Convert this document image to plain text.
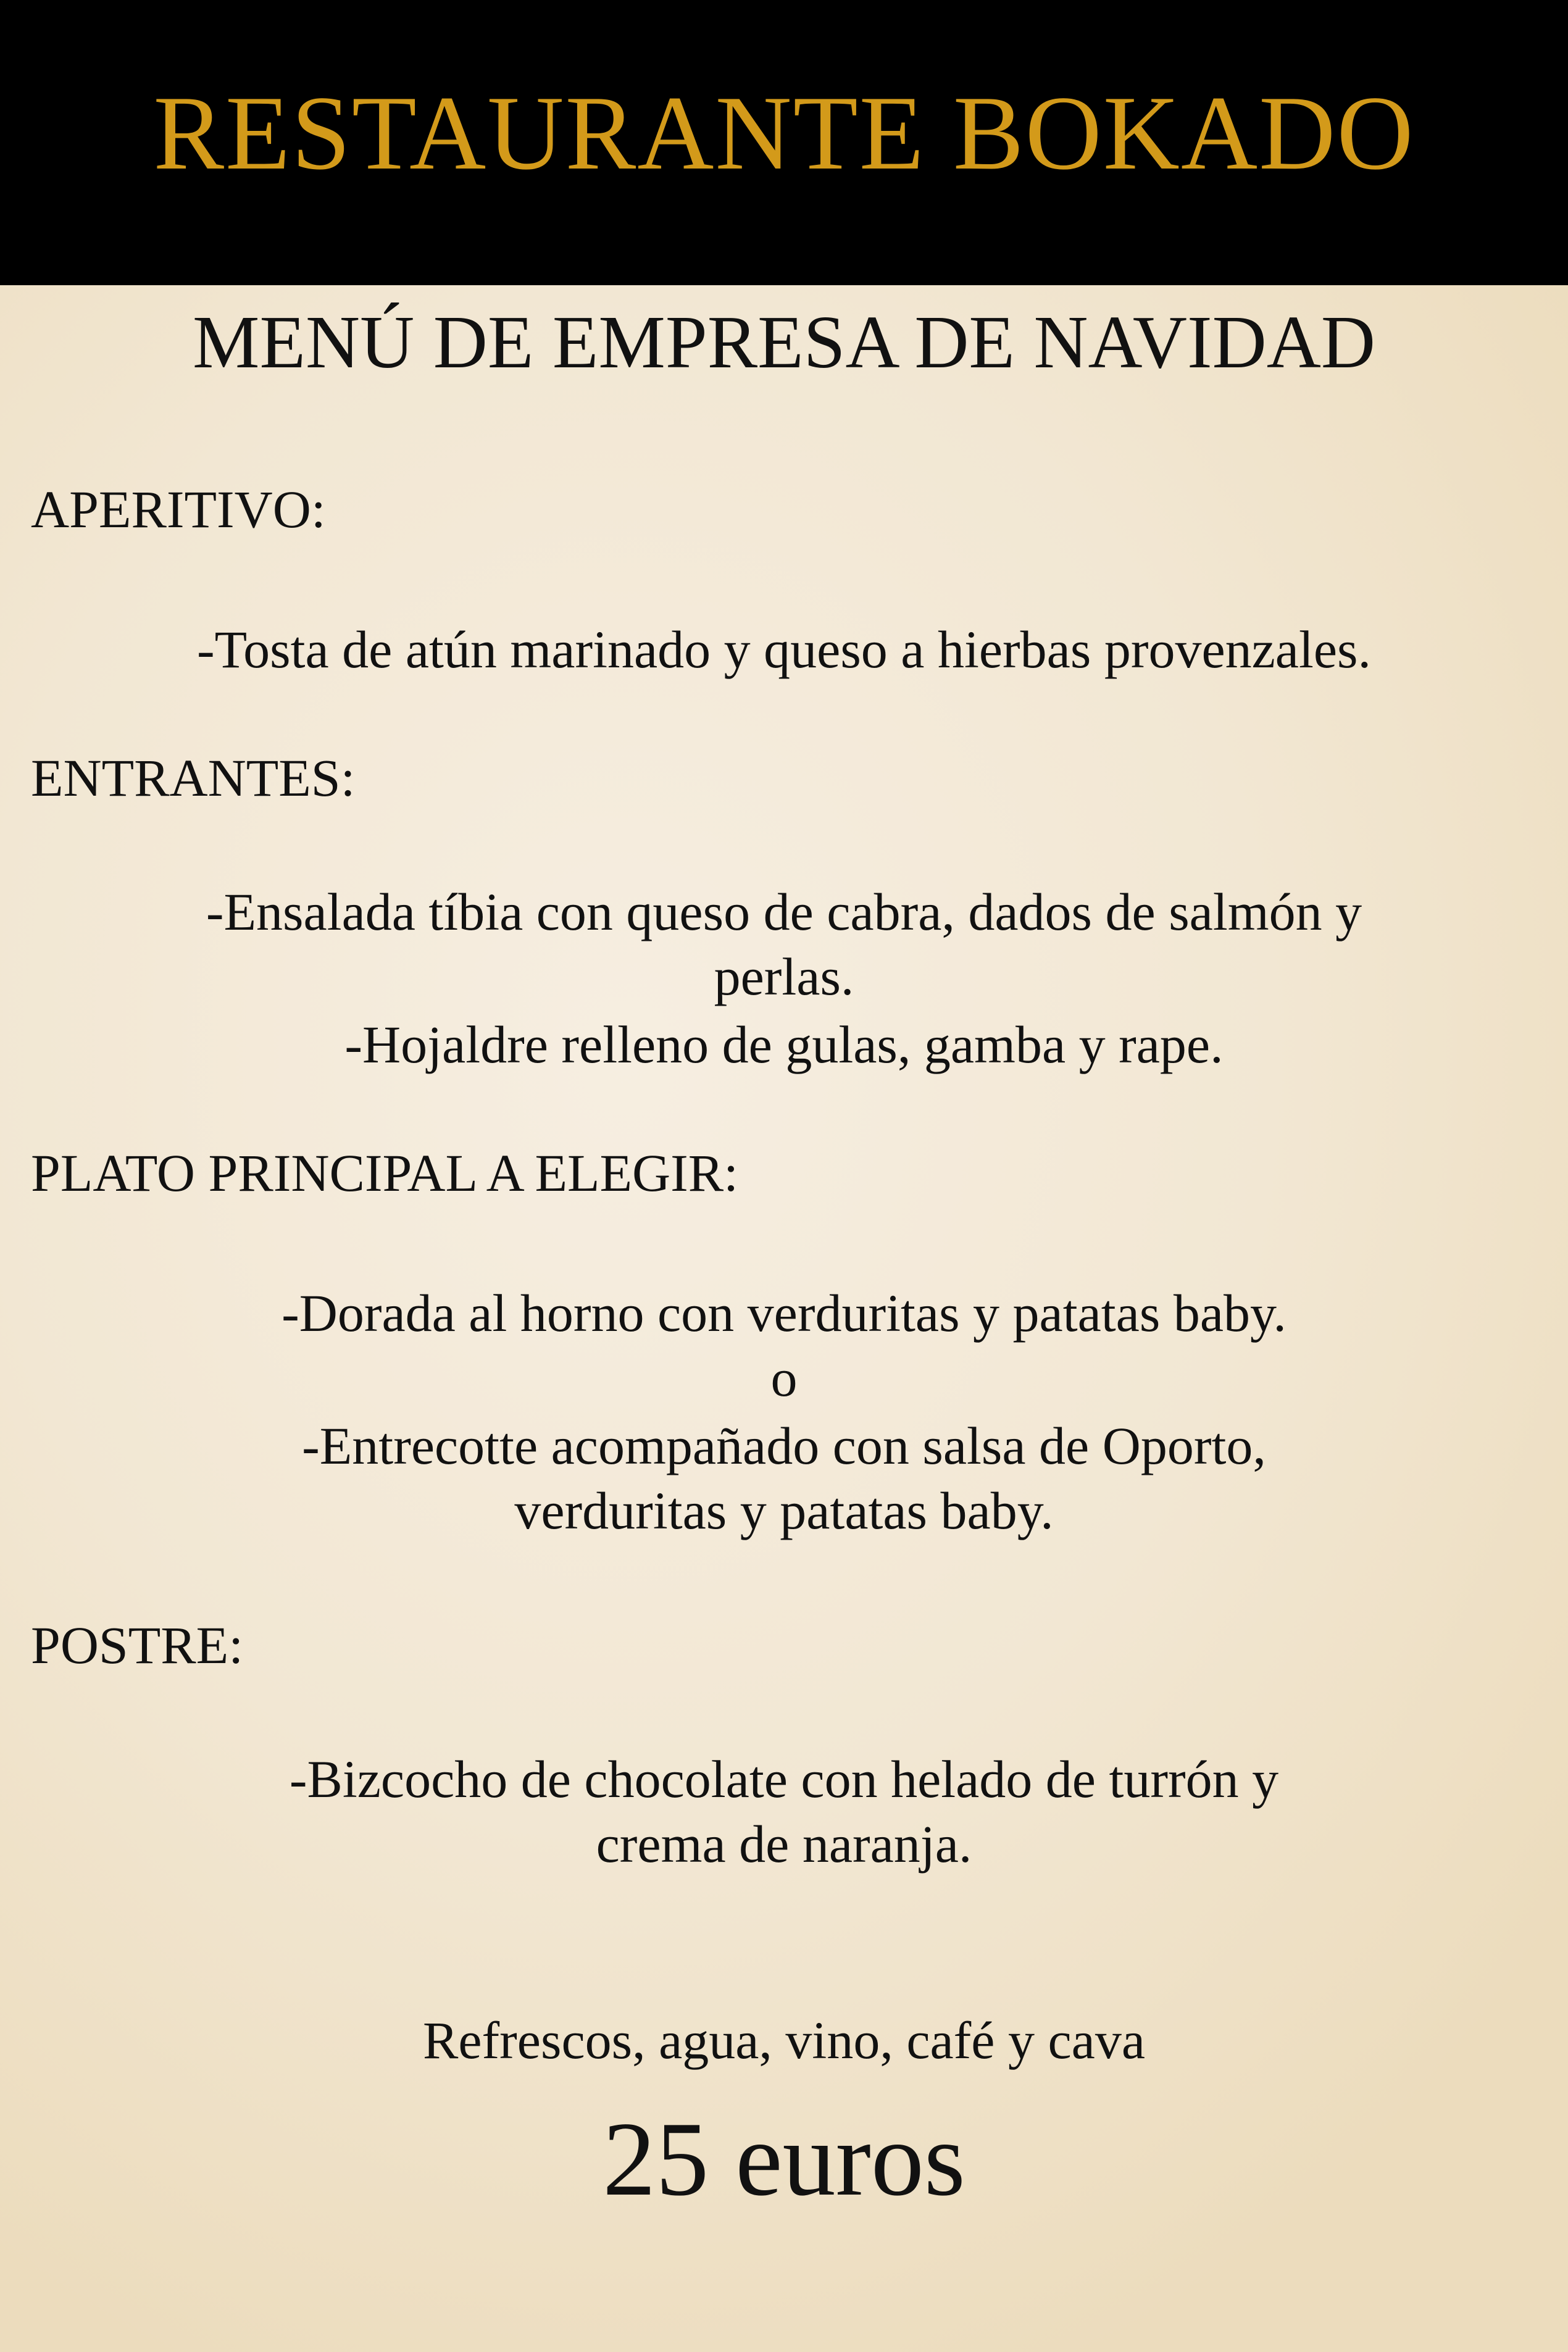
RESTAURANTE BOKADO
MENÚ DE EMPRESA DE NAVIDAD
APERITIVO:
-Tosta de atún marinado y queso a hierbas provenzales.
ENTRANTES:
-Ensalada tíbia con queso de cabra, dados de salmón y
perlas.
-Hojaldre relleno de gulas, gamba y rape.
PLATO PRINCIPAL A ELEGIR:
-Dorada al horno con verduritas y patatas baby.
o
-Entrecotte acompañado con salsa de Oporto,
verduritas y patatas baby.
POSTRE:
-Bizcocho de chocolate con helado de turrón y
crema de naranja.
Refrescos, agua, vino, café y cava
25 euros
